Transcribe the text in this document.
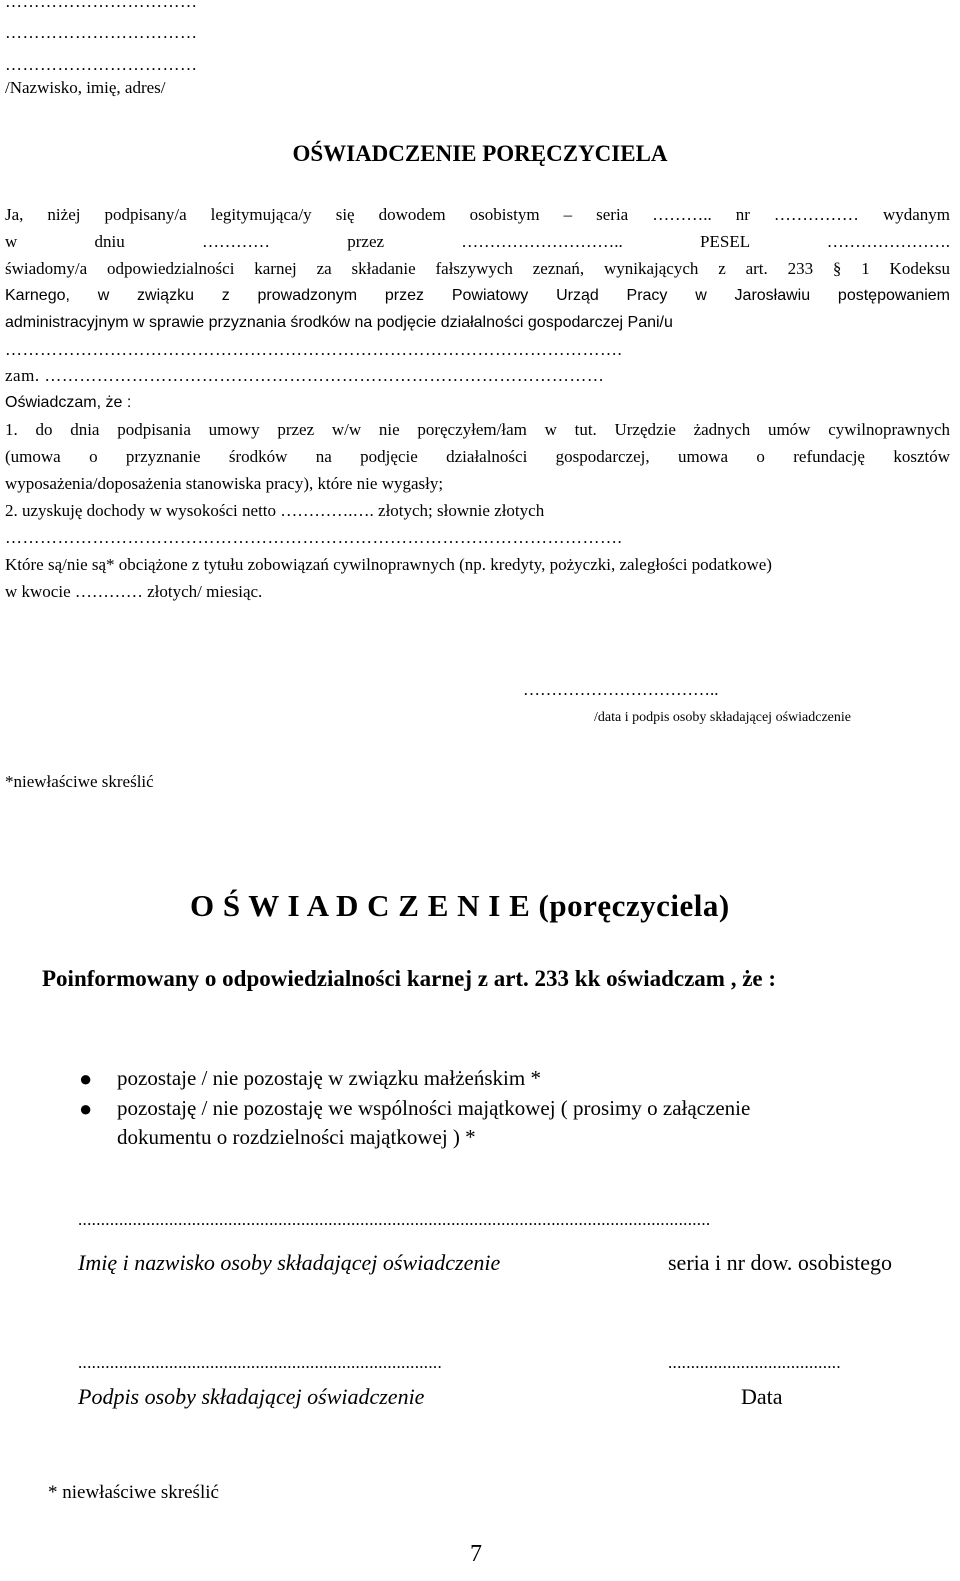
……………………………
……………………………
……………………………
/Nazwisko, imię, adres/
OŚWIADCZENIE PORĘCZYCIELA
Ja, niżej podpisany/a legitymująca/y się dowodem osobistym – seria ……….. nr …………… wydanym
w dniu ………… przez ……………………….. PESEL ………………….
świadomy/a odpowiedzialności karnej za składanie fałszywych zeznań, wynikających z art. 233 § 1 Kodeksu
Karnego, w związku z prowadzonym przez Powiatowy Urząd Pracy w Jarosławiu postępowaniem
administracyjnym w sprawie przyznania środków na podjęcie działalności gospodarczej Pani/u
…………………………………………………………………………………………….
zam. ……………………………………………………………………………………
Oświadczam, że :
1. do dnia podpisania umowy przez w/w nie poręczyłem/łam w tut. Urzędzie żadnych umów cywilnoprawnych
(umowa o przyznanie środków na podjęcie działalności gospodarczej, umowa o refundację kosztów
wyposażenia/doposażenia stanowiska pracy), które nie wygasły;
2. uzyskuję dochody w wysokości netto ………….…. złotych; słownie złotych
…………………………………………………………………………………………….
Które są/nie są* obciążone z tytułu zobowiązań cywilnoprawnych (np. kredyty, pożyczki, zaległości podatkowe)
w kwocie ………… złotych/ miesiąc.
……………………………..
/data i podpis osoby składającej oświadczenie
*niewłaściwe skreślić
O Ś W I A D C Z E N I E (poręczyciela)
Poinformowany o odpowiedzialności karnej z art. 233 kk oświadczam , że :
● pozostaje / nie pozostaję w związku małżeńskim *
● pozostaję / nie pozostaję we wspólności majątkowej ( prosimy o załączenie
dokumentu o rozdzielności majątkowej ) *
...........................................................................................................................................
Imię i nazwisko osoby składającej oświadczenie	seria i nr dow. osobistego
................................................................................	......................................
Podpis osoby składającej oświadczenie	Data
* niewłaściwe skreślić
7
